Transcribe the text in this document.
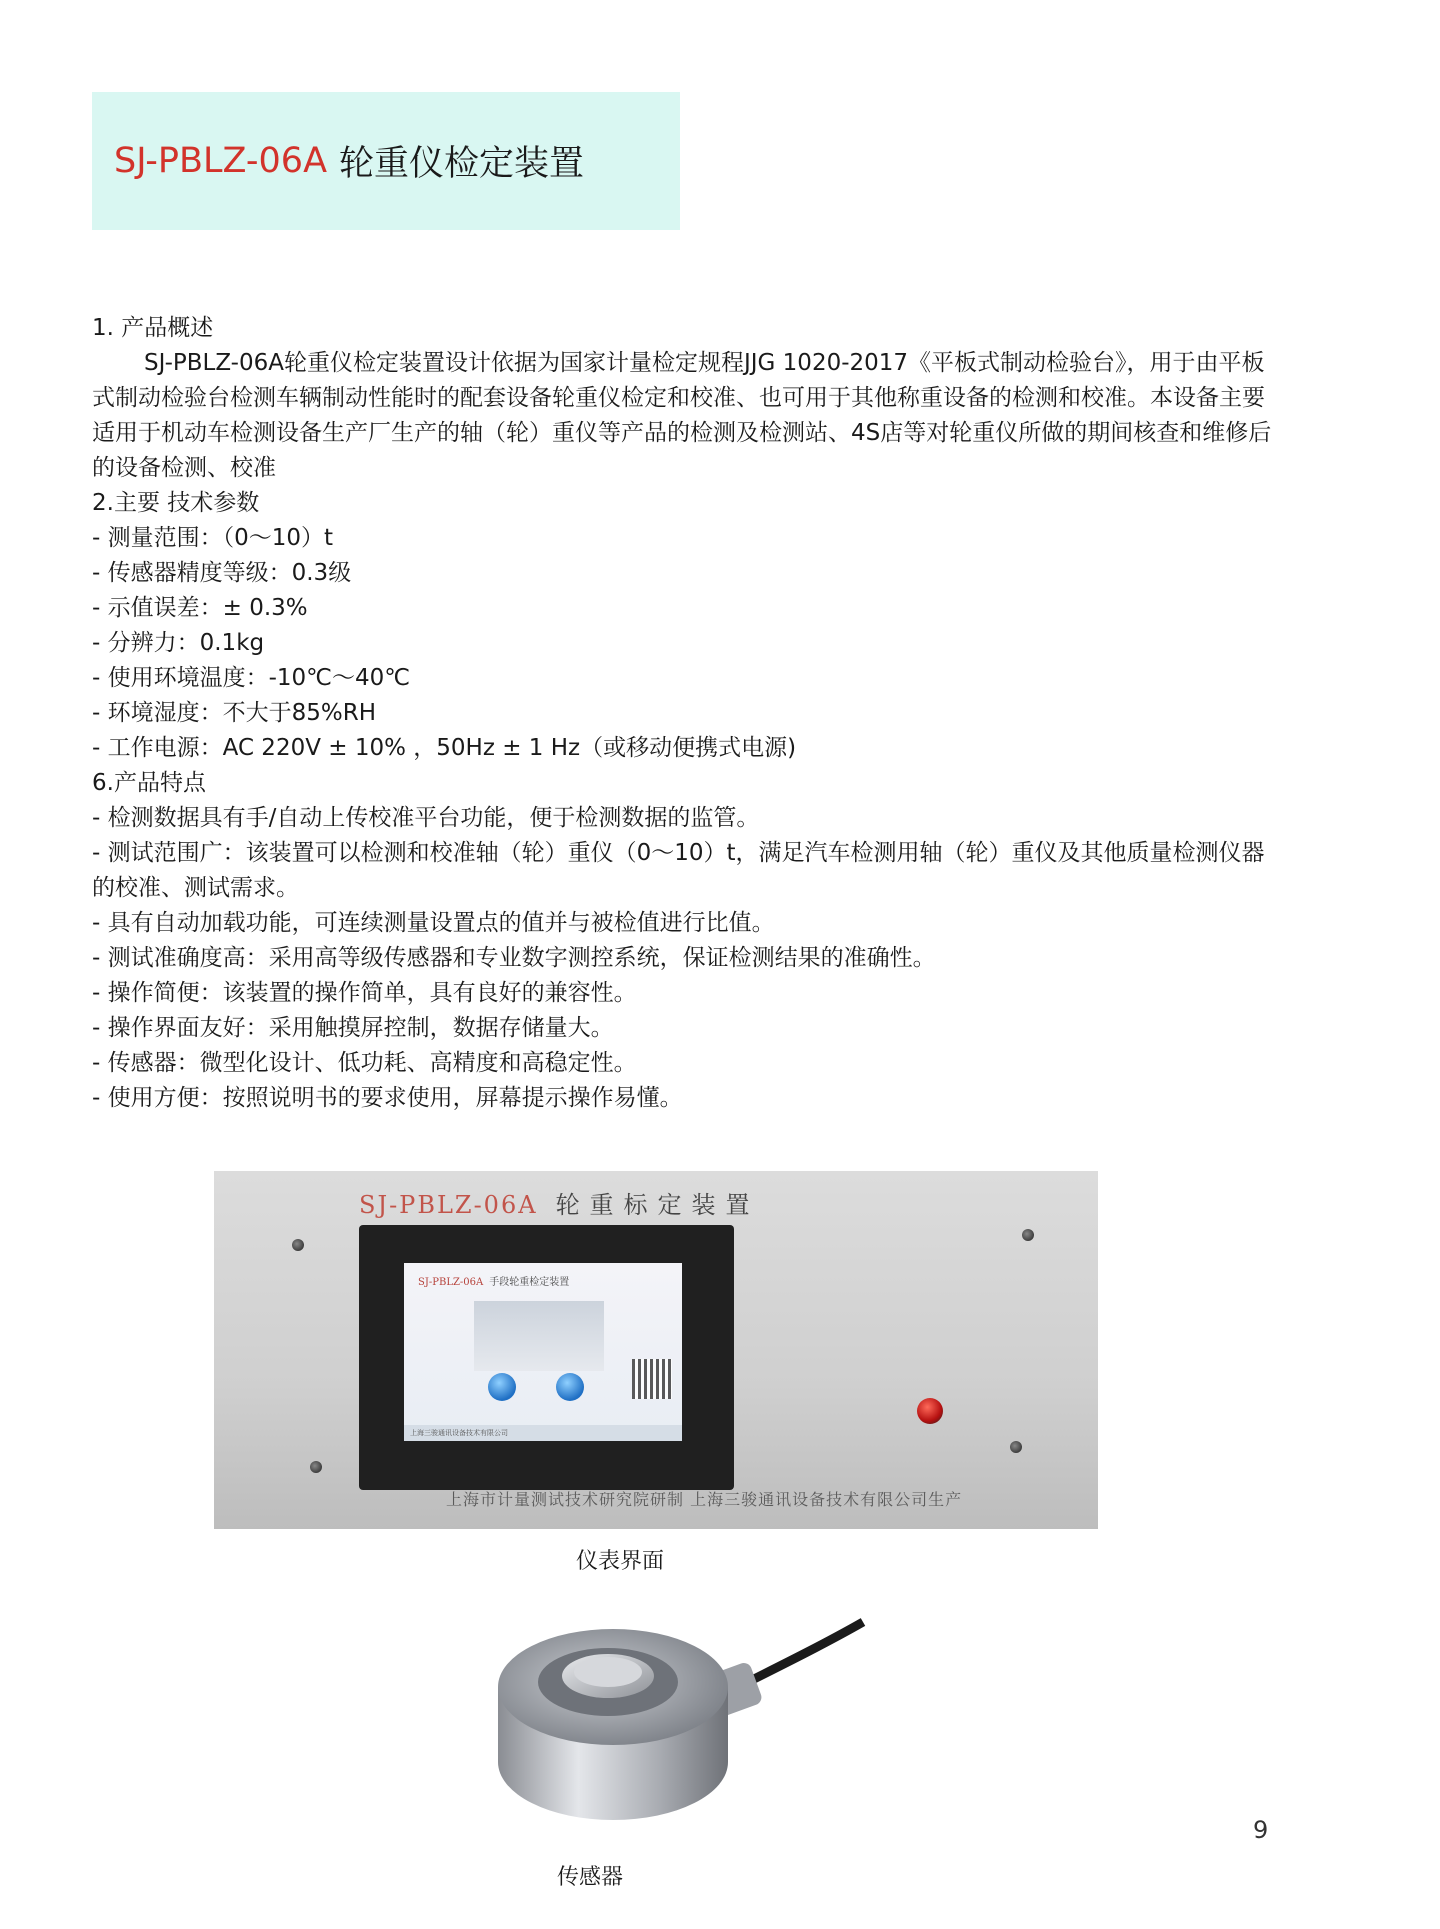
SJ-PBLZ-06A 轮重仪检定装置

1. 产品概述

SJ-PBLZ-06A轮重仪检定装置设计依据为国家计量检定规程JJG 1020-2017《平板式制动检验台》，用于由平板式制动检验台检测车辆制动性能时的配套设备轮重仪检定和校准、也可用于其他称重设备的检测和校准。本设备主要适用于机动车检测设备生产厂生产的轴（轮）重仪等产品的检测及检测站、4S店等对轮重仪所做的期间核查和维修后的设备检测、校准

2.主要 技术参数

- 测量范围：（0～10）t
- 传感器精度等级：0.3级
- 示值误差：± 0.3%
- 分辨力：0.1kg
- 使用环境温度：-10℃～40℃
- 环境湿度：不大于85%RH
- 工作电源：AC 220V ± 10% ，50Hz ± 1 Hz（或移动便携式电源)

6.产品特点

- 检测数据具有手/自动上传校准平台功能，便于检测数据的监管。
- 测试范围广：该装置可以检测和校准轴（轮）重仪（0～10）t，满足汽车检测用轴（轮）重仪及其他质量检测仪器的校准、测试需求。
- 具有自动加载功能，可连续测量设置点的值并与被检值进行比值。
- 测试准确度高：采用高等级传感器和专业数字测控系统，保证检测结果的准确性。
- 操作简便：该装置的操作简单，具有良好的兼容性。
- 操作界面友好：采用触摸屏控制，数据存储量大。
- 传感器：微型化设计、低功耗、高精度和高稳定性。
- 使用方便：按照说明书的要求使用，屏幕提示操作易懂。
SJ-PBLZ-06A 轮重标定装置
SJ-PBLZ-06A 手段轮重检定装置
上海三骏通讯设备技术有限公司
上海市计量测试技术研究院研制 上海三骏通讯设备技术有限公司生产
仪表界面
传感器
9
